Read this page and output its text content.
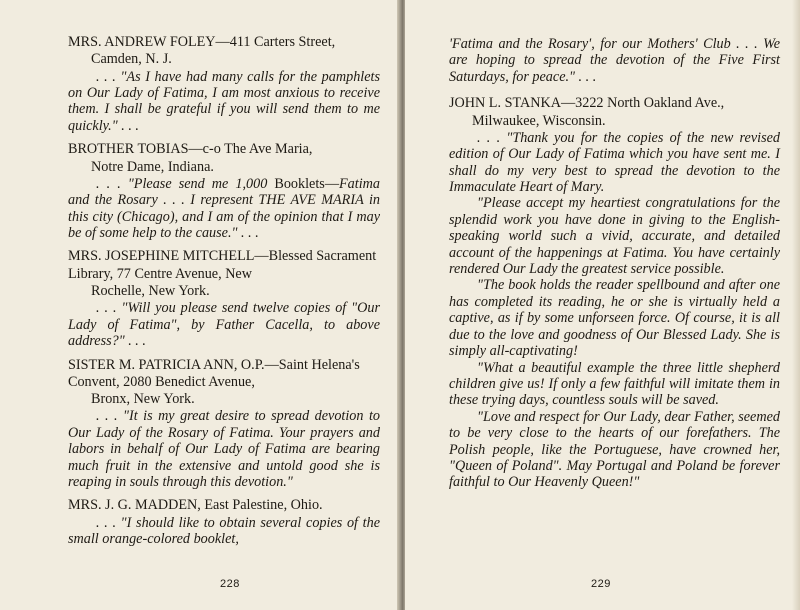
MRS. ANDREW FOLEY—411 Carters Street,
Camden, N. J.

. . . "As I have had many calls for the pamphlets on Our Lady of Fatima, I am most anxious to receive them. I shall be grateful if you will send them to me quickly." . . .

BROTHER TOBIAS—c-o The Ave Maria,
Notre Dame, Indiana.

. . . "Please send me 1,000 Booklets—Fatima and the Rosary . . . I represent THE AVE MARIA in this city (Chicago), and I am of the opinion that I may be of some help to the cause." . . .

MRS. JOSEPHINE MITCHELL—Blessed Sacrament Library, 77 Centre Avenue, New
Rochelle, New York.

. . . "Will you please send twelve copies of "Our Lady of Fatima", by Father Cacella, to above address?" . . .

SISTER M. PATRICIA ANN, O.P.—Saint Helena's Convent, 2080 Benedict Avenue,
Bronx, New York.

. . . "It is my great desire to spread devotion to Our Lady of the Rosary of Fatima. Your prayers and labors in behalf of Our Lady of Fatima are bearing much fruit in the extensive and untold good she is reaping in souls through this devotion."

MRS. J. G. MADDEN, East Palestine, Ohio.

. . . "I should like to obtain several copies of the small orange-colored booklet,

228
'Fatima and the Rosary', for our Mothers' Club . . . We are hoping to spread the devotion of the Five First Saturdays, for peace." . . .
JOHN L. STANKA—3222 North Oakland Ave.,
Milwaukee, Wisconsin.

. . . "Thank you for the copies of the new revised edition of Our Lady of Fatima which you have sent me. I shall do my very best to spread the devotion to the Immaculate Heart of Mary.

"Please accept my heartiest congratulations for the splendid work you have done in giving to the English-speaking world such a vivid, accurate, and detailed account of the happenings at Fatima. You have certainly rendered Our Lady the greatest service possible.

"The book holds the reader spellbound and after one has completed its reading, he or she is virtually held a captive, as if by some unforseen force. Of course, it is all due to the love and goodness of Our Blessed Lady. She is simply all-captivating!

"What a beautiful example the three little shepherd children give us! If only a few faithful will imitate them in these trying days, countless souls will be saved.

"Love and respect for Our Lady, dear Father, seemed to be very close to the hearts of our forefathers. The Polish people, like the Portuguese, have crowned her, "Queen of Poland". May Portugal and Poland be forever faithful to Our Heavenly Queen!"

229
